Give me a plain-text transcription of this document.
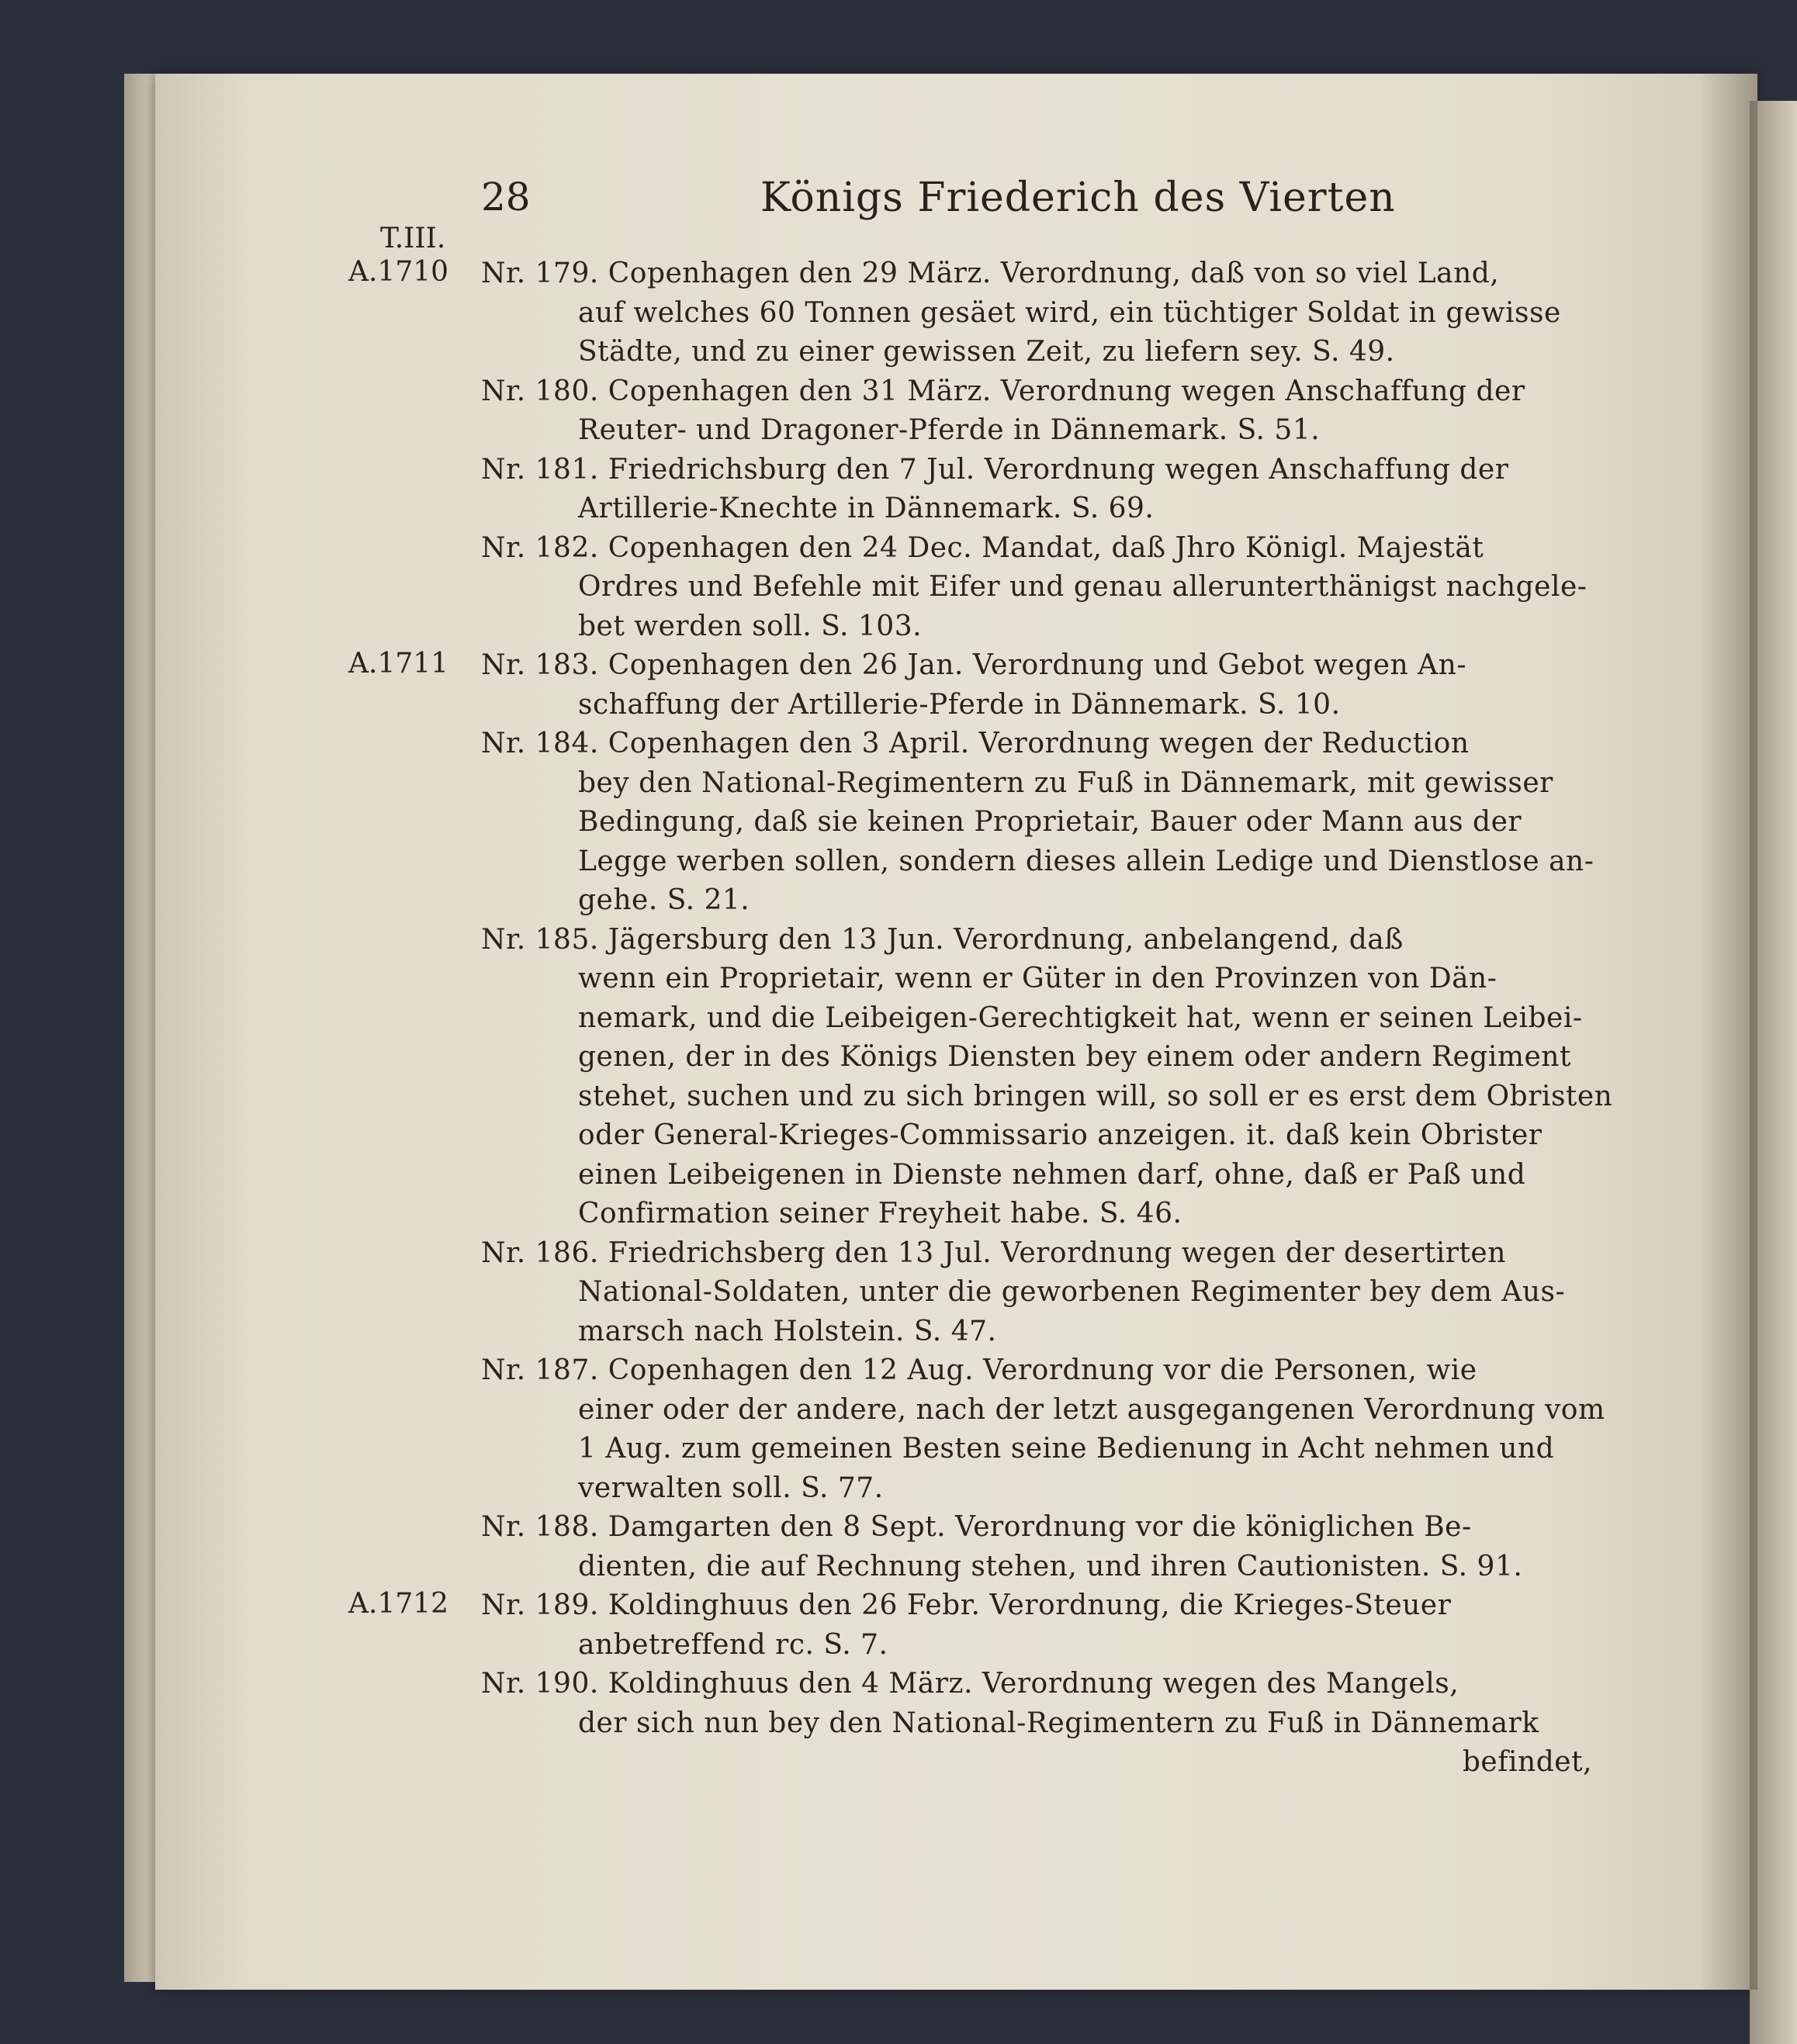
28	Königs Friederich des Vierten
T.III.
A.1710	Nr. 179. Copenhagen den 29 März. Verordnung, daß von so viel Land,
auf welches 60 Tonnen gesäet wird, ein tüchtiger Soldat in gewisse
Städte, und zu einer gewissen Zeit, zu liefern sey. S. 49.
Nr. 180. Copenhagen den 31 März. Verordnung wegen Anschaffung der
Reuter- und Dragoner-Pferde in Dännemark. S. 51.
Nr. 181. Friedrichsburg den 7 Jul. Verordnung wegen Anschaffung der
Artillerie-Knechte in Dännemark. S. 69.
Nr. 182. Copenhagen den 24 Dec. Mandat, daß Jhro Königl. Majestät
Ordres und Befehle mit Eifer und genau allerunterthänigst nachgele-
bet werden soll. S. 103.
A.1711	Nr. 183. Copenhagen den 26 Jan. Verordnung und Gebot wegen An-
schaffung der Artillerie-Pferde in Dännemark. S. 10.
Nr. 184. Copenhagen den 3 April. Verordnung wegen der Reduction
bey den National-Regimentern zu Fuß in Dännemark, mit gewisser
Bedingung, daß sie keinen Proprietair, Bauer oder Mann aus der
Legge werben sollen, sondern dieses allein Ledige und Dienstlose an-
gehe. S. 21.
Nr. 185. Jägersburg den 13 Jun. Verordnung, anbelangend, daß
wenn ein Proprietair, wenn er Güter in den Provinzen von Dän-
nemark, und die Leibeigen-Gerechtigkeit hat, wenn er seinen Leibei-
genen, der in des Königs Diensten bey einem oder andern Regiment
stehet, suchen und zu sich bringen will, so soll er es erst dem Obristen
oder General-Krieges-Commissario anzeigen. it. daß kein Obrister
einen Leibeigenen in Dienste nehmen darf, ohne, daß er Paß und
Confirmation seiner Freyheit habe. S. 46.
Nr. 186. Friedrichsberg den 13 Jul. Verordnung wegen der desertirten
National-Soldaten, unter die geworbenen Regimenter bey dem Aus-
marsch nach Holstein. S. 47.
Nr. 187. Copenhagen den 12 Aug. Verordnung vor die Personen, wie
einer oder der andere, nach der letzt ausgegangenen Verordnung vom
1 Aug. zum gemeinen Besten seine Bedienung in Acht nehmen und
verwalten soll. S. 77.
Nr. 188. Damgarten den 8 Sept. Verordnung vor die königlichen Be-
dienten, die auf Rechnung stehen, und ihren Cautionisten. S. 91.
A.1712	Nr. 189. Koldinghuus den 26 Febr. Verordnung, die Krieges-Steuer
anbetreffend rc. S. 7.
Nr. 190. Koldinghuus den 4 März. Verordnung wegen des Mangels,
der sich nun bey den National-Regimentern zu Fuß in Dännemark
befindet,
